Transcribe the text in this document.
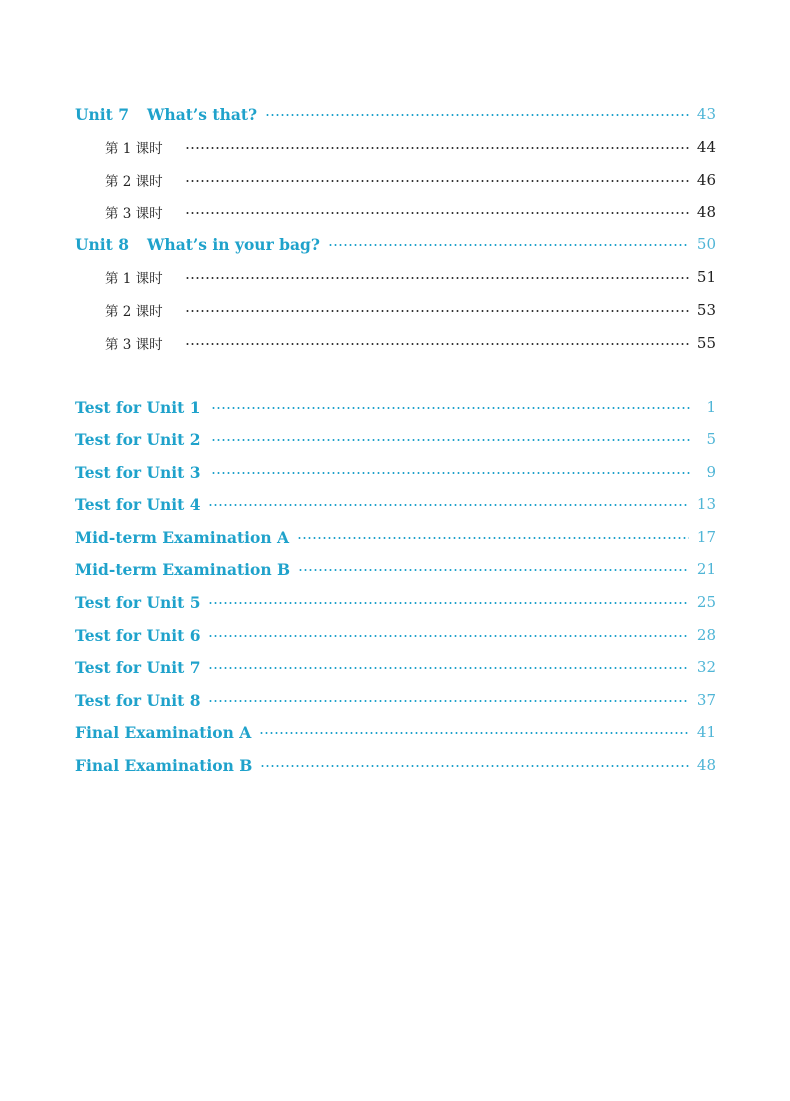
Unit 7 What’s that?	43
第 1 课时	44
第 2 课时	46
第 3 课时	48
Unit 8 What’s in your bag?	50
第 1 课时	51
第 2 课时	53
第 3 课时	55
Test for Unit 1	1
Test for Unit 2	5
Test for Unit 3	9
Test for Unit 4	13
Mid-term Examination A	17
Mid-term Examination B	21
Test for Unit 5	25
Test for Unit 6	28
Test for Unit 7	32
Test for Unit 8	37
Final Examination A	41
Final Examination B	48
